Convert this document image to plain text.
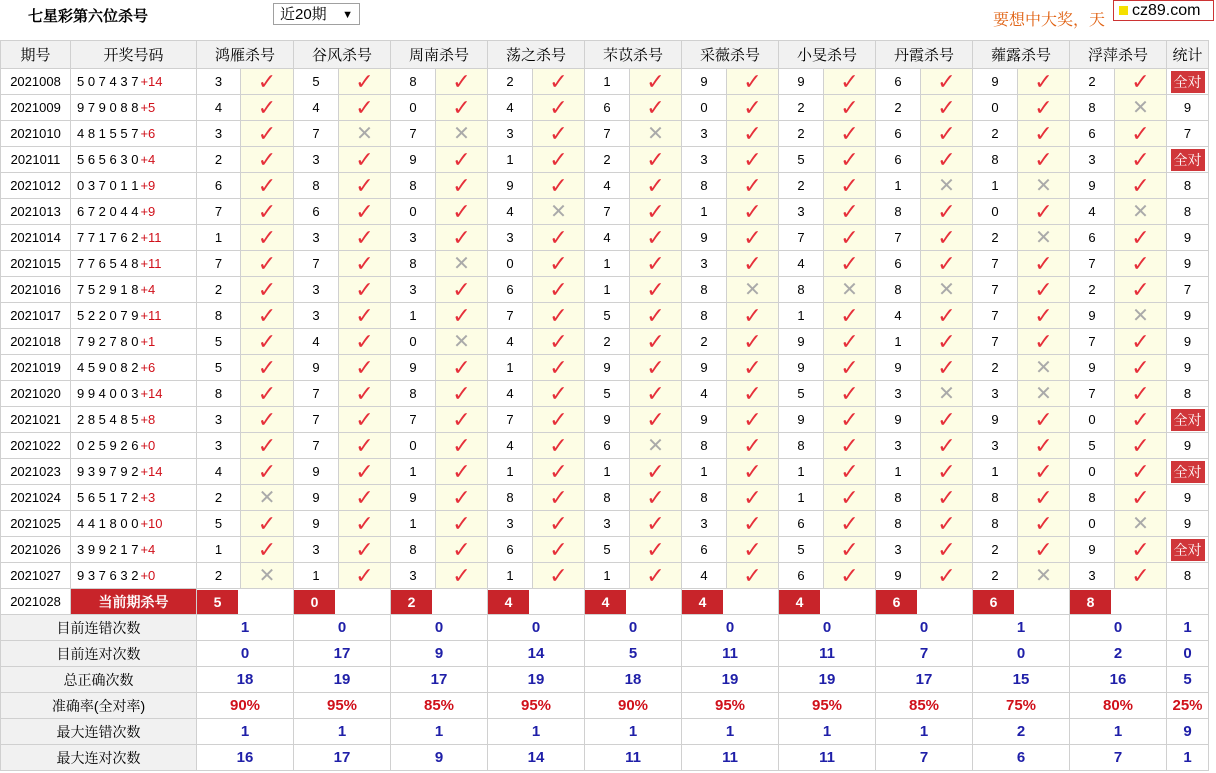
七星彩第六位杀号	近20期 ▼	要想中大奖，天
cz89.com
期号	开奖号码	鸿雁杀号		谷风杀号		周南杀号		荡之杀号		芣苡杀号		采薇杀号		小旻杀号		丹霞杀号		蕹露杀号		浮萍杀号		统计
2021008	5 0 7 4 3 7 +14	3	✓	5	✓	8	✓	2	✓	1	✓	9	✓	9	✓	6	✓	9	✓	2	✓	全对
2021009	9 7 9 0 8 8 +5	4	✓	4	✓	0	✓	4	✓	6	✓	0	✓	2	✓	2	✓	0	✓	8	✕	9
2021010	4 8 1 5 5 7 +6	3	✓	7	✕	7	✕	3	✓	7	✕	3	✓	2	✓	6	✓	2	✓	6	✓	7
2021011	5 6 5 6 3 0 +4	2	✓	3	✓	9	✓	1	✓	2	✓	3	✓	5	✓	6	✓	8	✓	3	✓	全对
2021012	0 3 7 0 1 1 +9	6	✓	8	✓	8	✓	9	✓	4	✓	8	✓	2	✓	1	✕	1	✕	9	✓	8
2021013	6 7 2 0 4 4 +9	7	✓	6	✓	0	✓	4	✕	7	✓	1	✓	3	✓	8	✓	0	✓	4	✕	8
2021014	7 7 1 7 6 2 +11	1	✓	3	✓	3	✓	3	✓	4	✓	9	✓	7	✓	7	✓	2	✕	6	✓	9
2021015	7 7 6 5 4 8 +11	7	✓	7	✓	8	✕	0	✓	1	✓	3	✓	4	✓	6	✓	7	✓	7	✓	9
2021016	7 5 2 9 1 8 +4	2	✓	3	✓	3	✓	6	✓	1	✓	8	✕	8	✕	8	✕	7	✓	2	✓	7
2021017	5 2 2 0 7 9 +11	8	✓	3	✓	1	✓	7	✓	5	✓	8	✓	1	✓	4	✓	7	✓	9	✕	9
2021018	7 9 2 7 8 0 +1	5	✓	4	✓	0	✕	4	✓	2	✓	2	✓	9	✓	1	✓	7	✓	7	✓	9
2021019	4 5 9 0 8 2 +6	5	✓	9	✓	9	✓	1	✓	9	✓	9	✓	9	✓	9	✓	2	✕	9	✓	9
2021020	9 9 4 0 0 3 +14	8	✓	7	✓	8	✓	4	✓	5	✓	4	✓	5	✓	3	✕	3	✕	7	✓	8
2021021	2 8 5 4 8 5 +8	3	✓	7	✓	7	✓	7	✓	9	✓	9	✓	9	✓	9	✓	9	✓	0	✓	全对
2021022	0 2 5 9 2 6 +0	3	✓	7	✓	0	✓	4	✓	6	✕	8	✓	8	✓	3	✓	3	✓	5	✓	9
2021023	9 3 9 7 9 2 +14	4	✓	9	✓	1	✓	1	✓	1	✓	1	✓	1	✓	1	✓	1	✓	0	✓	全对
2021024	5 6 5 1 7 2 +3	2	✕	9	✓	9	✓	8	✓	8	✓	8	✓	1	✓	8	✓	8	✓	8	✓	9
2021025	4 4 1 8 0 0 +10	5	✓	9	✓	1	✓	3	✓	3	✓	3	✓	6	✓	8	✓	8	✓	0	✕	9
2021026	3 9 9 2 1 7 +4	1	✓	3	✓	8	✓	6	✓	5	✓	6	✓	5	✓	3	✓	2	✓	9	✓	全对
2021027	9 3 7 6 3 2 +0	2	✕	1	✓	3	✓	1	✓	1	✓	4	✓	6	✓	9	✓	2	✕	3	✓	8
2021028	当前期杀号	5		0		2		4		4		4		4		6		6		8		
目前连错次数		1		0		0		0		0		0		0		0		1		0		1
目前连对次数		0		17		9		14		5		11		11		7		0		2		0
总正确次数		18		19		17		19		18		19		19		17		15		16		5
准确率(全对率)		90%		95%		85%		95%		90%		95%		95%		85%		75%		80%		25%
最大连错次数		1		1		1		1		1		1		1		1		2		1		9
最大连对次数		16		17		9		14		11		11		11		7		6		7		1
